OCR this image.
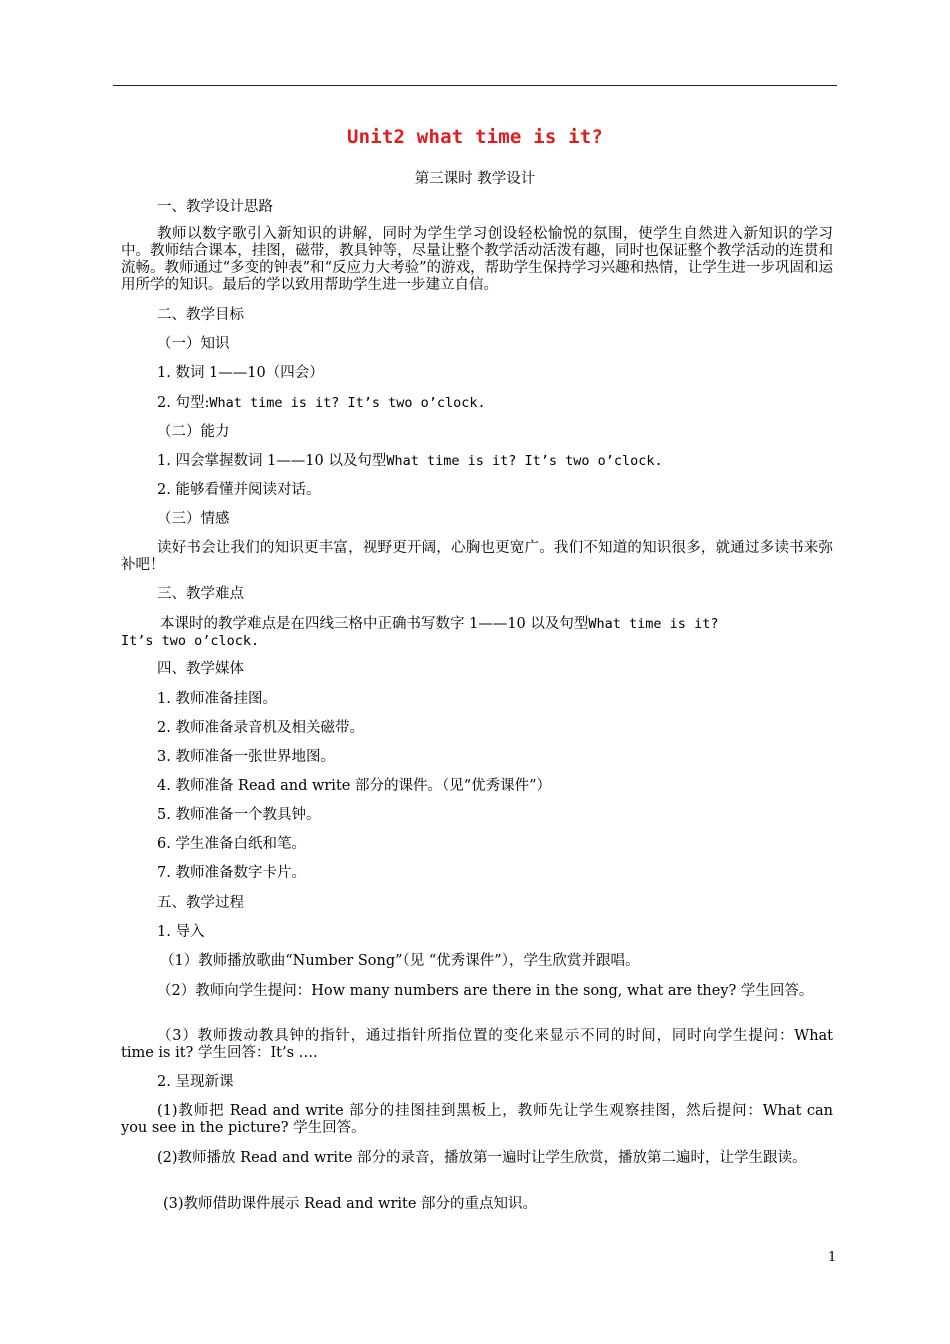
Unit2 what time is it?
第三课时 教学设计
一、教学设计思路
教师以数字歌引入新知识的讲解，同时为学生学习创设轻松愉悦的氛围，使学生自然进入新知识的学习中。教师结合课本，挂图，磁带，教具钟等，尽量让整个教学活动活泼有趣，同时也保证整个教学活动的连贯和流畅。教师通过“多变的钟表”和“反应力大考验”的游戏，帮助学生保持学习兴趣和热情，让学生进一步巩固和运用所学的知识。最后的学以致用帮助学生进一步建立自信。
二、教学目标
（一）知识
1. 数词 1——10（四会）
2. 句型:What time is it? It’s two o’clock.
（二）能力
1. 四会掌握数词 1——10 以及句型What time is it? It’s two o’clock.
2. 能够看懂并阅读对话。
（三）情感
读好书会让我们的知识更丰富，视野更开阔，心胸也更宽广。我们不知道的知识很多，就通过多读书来弥补吧！
三、教学难点
本课时的教学难点是在四线三格中正确书写数字 1——10 以及句型What time is it?
It’s two o’clock.
四、教学媒体
1. 教师准备挂图。
2. 教师准备录音机及相关磁带。
3. 教师准备一张世界地图。
4. 教师准备 Read and write 部分的课件。（见“优秀课件”）
5. 教师准备一个教具钟。
6. 学生准备白纸和笔。
7. 教师准备数字卡片。
五、教学过程
1. 导入
（1）教师播放歌曲“Number Song”（见 “优秀课件”），学生欣赏并跟唱。
（2）教师向学生提问：How many numbers are there in the song, what are they? 学生回答。
（3）教师拨动教具钟的指针，通过指针所指位置的变化来显示不同的时间，同时向学生提问：What time is it? 学生回答：It’s ….
2. 呈现新课
(1)教师把 Read and write 部分的挂图挂到黑板上，教师先让学生观察挂图，然后提问：What can you see in the picture? 学生回答。
(2)教师播放 Read and write 部分的录音，播放第一遍时让学生欣赏，播放第二遍时，让学生跟读。
(3)教师借助课件展示 Read and write 部分的重点知识。
1
